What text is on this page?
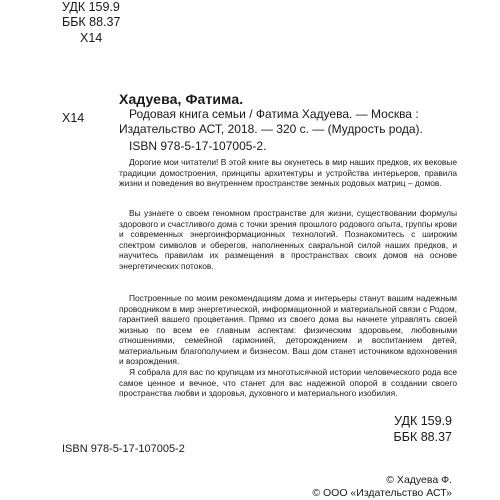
УДК 159.9
ББК 88.37
Х14
Хадуева, Фатима.
Х14	Родовая книга семьи / Фатима Хадуева. — Москва : Издательство АСТ, 2018. — 320 с. — (Мудрость рода).

ISBN 978-5-17-107005-2.

Дорогие мои читатели! В этой книге вы окунетесь в мир наших предков, их вековые традиции домостроения, принципы архитектуры и устройства интерьеров, правила жизни и поведения во внутреннем пространстве земных родовых матриц – домов.

Вы узнаете о своем геномном пространстве для жизни, существовании формулы здорового и счастливого дома с точки зрения прошлого родового опыта, группы крови и современных энергоинформационных технологий. Познакомитесь с широким спектром символов и оберегов, наполненных сакральной силой наших предков, и научитесь правилам их размещения в пространствах своих домов на основе энергетических потоков.

Построенные по моим рекомендациям дома и интерьеры станут вашим надежным проводником в мир энергетической, информационной и материальной связи с Родом, гарантией вашего процветания. Прямо из своего дома вы начнете управлять своей жизнью по всем ее главным аспектам: физическим здоровьем, любовными отношениями, семейной гармонией, деторождением и воспитанием детей, материальным благополучием и бизнесом. Ваш дом станет источником вдохновения и возрождения.

Я собрала для вас по крупицам из многотысячной истории человеческого рода все самое ценное и вечное, что станет для вас надежной опорой в создании своего пространства любви и здоровья, духовного и материального изобилия.

УДК 159.9
ББК 88.37
ISBN 978-5-17-107005-2
© Хадуева Ф.
© ООО «Издательство АСТ»
